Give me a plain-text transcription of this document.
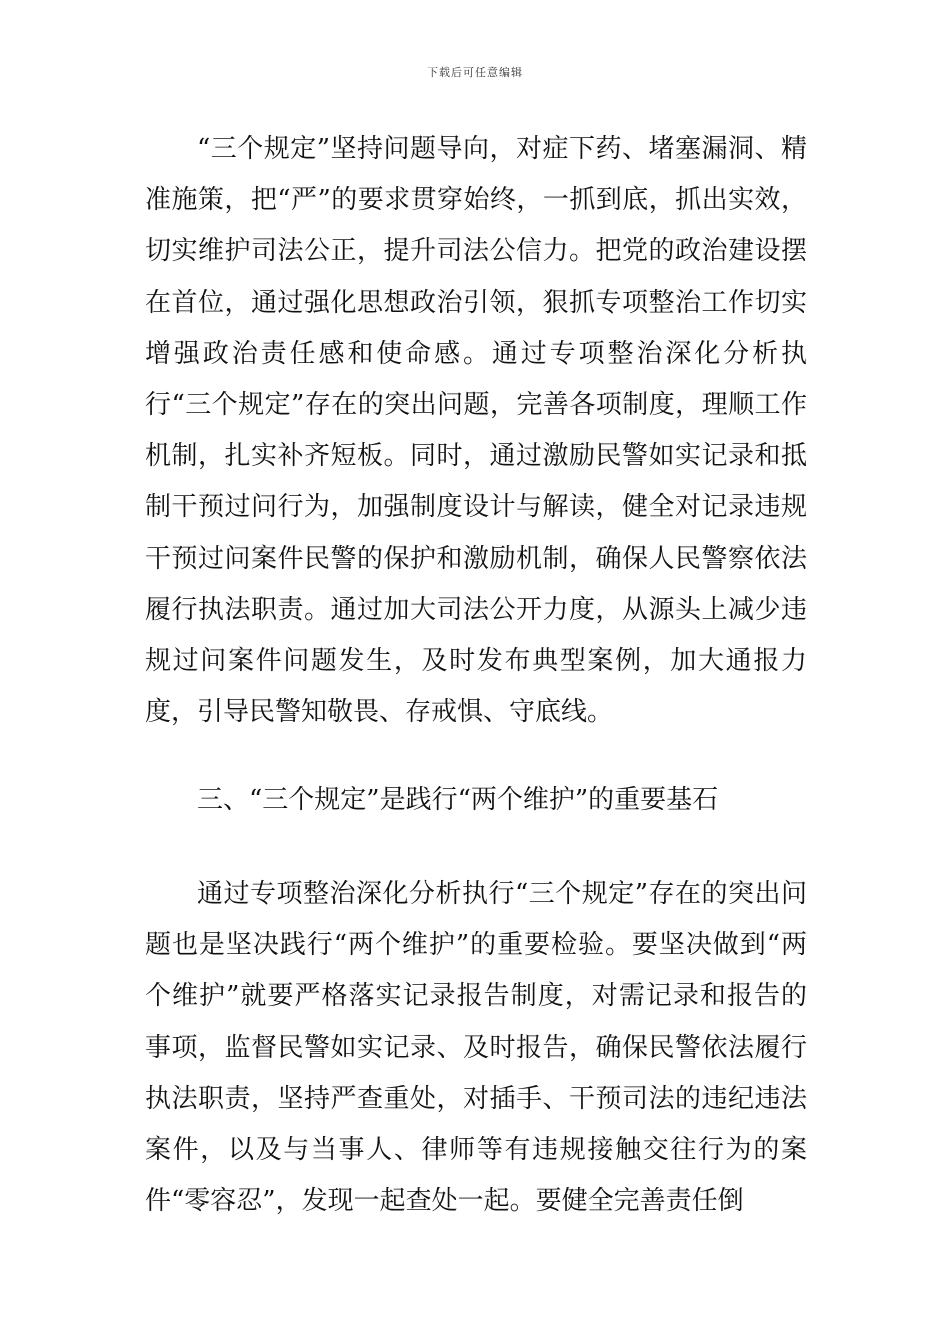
下载后可任意编辑

“三个规定”坚持问题导向，对症下药、堵塞漏洞、精准施策，把“严”的要求贯穿始终，一抓到底，抓出实效，切实维护司法公正，提升司法公信力。把党的政治建设摆在首位，通过强化思想政治引领，狠抓专项整治工作切实增强政治责任感和使命感。通过专项整治深化分析执行“三个规定”存在的突出问题，完善各项制度，理顺工作机制，扎实补齐短板。同时，通过激励民警如实记录和抵制干预过问行为，加强制度设计与解读，健全对记录违规干预过问案件民警的保护和激励机制，确保人民警察依法履行执法职责。通过加大司法公开力度，从源头上减少违规过问案件问题发生，及时发布典型案例，加大通报力度，引导民警知敬畏、存戒惧、守底线。

三、“三个规定”是践行“两个维护”的重要基石

通过专项整治深化分析执行“三个规定”存在的突出问题也是坚决践行“两个维护”的重要检验。要坚决做到“两个维护”就要严格落实记录报告制度，对需记录和报告的事项，监督民警如实记录、及时报告，确保民警依法履行执法职责，坚持严查重处，对插手、干预司法的违纪违法案件，以及与当事人、律师等有违规接触交往行为的案件“零容忍”，发现一起查处一起。要健全完善责任倒
